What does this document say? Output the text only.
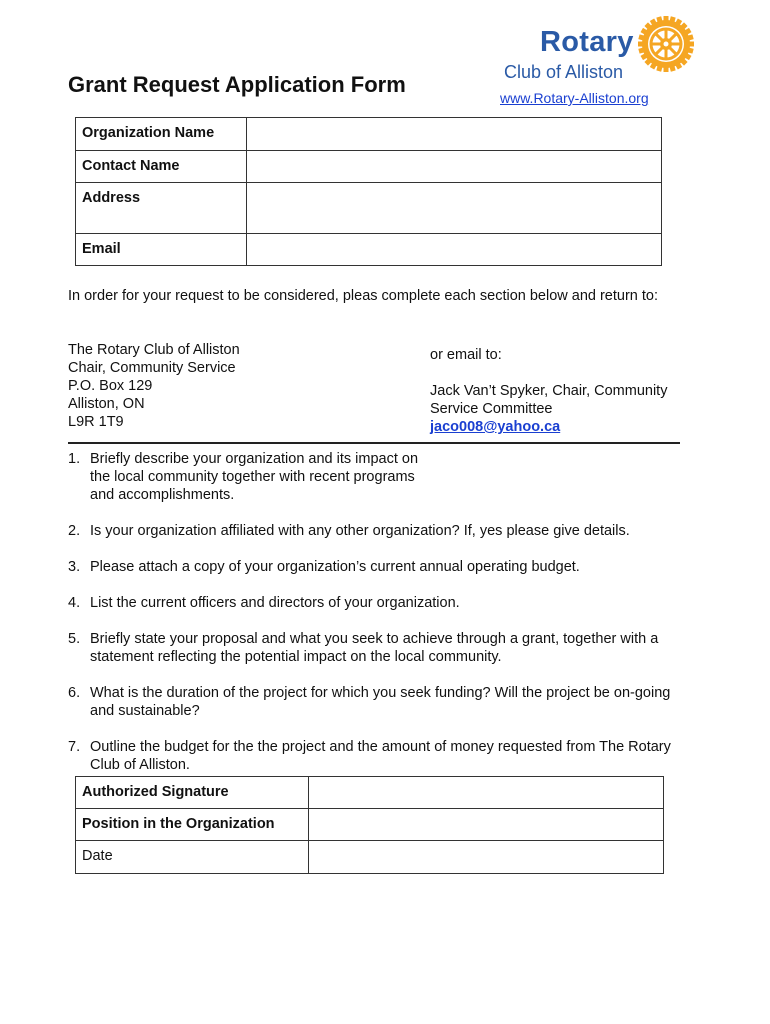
Grant Request Application Form
Rotary
Club of Alliston
www.Rotary-Alliston.org
Organization Name	
Contact Name	
Address	
Email	
In order for your request to be considered, pleas complete each section below and return to:
The Rotary Club of Alliston
Chair, Community Service
P.O. Box 129
Alliston, ON
L9R 1T9
or email to:
Jack Van’t Spyker, Chair, Community
Service Committee
jaco008@yahoo.ca
1. Briefly describe your organization and its impact on the local community together with recent programs and accomplishments.
2. Is your organization affiliated with any other organization? If, yes please give details.
3. Please attach a copy of your organization’s current annual operating budget.
4. List the current officers and directors of your organization.
5. Briefly state your proposal and what you seek to achieve through a grant, together with a statement reflecting the potential impact on the local community.
6. What is the duration of the project for which you seek funding? Will the project be on-going and sustainable?
7. Outline the budget for the the project and the amount of money requested from The Rotary Club of Alliston.
Authorized Signature	
Position in the Organization	
Date	
